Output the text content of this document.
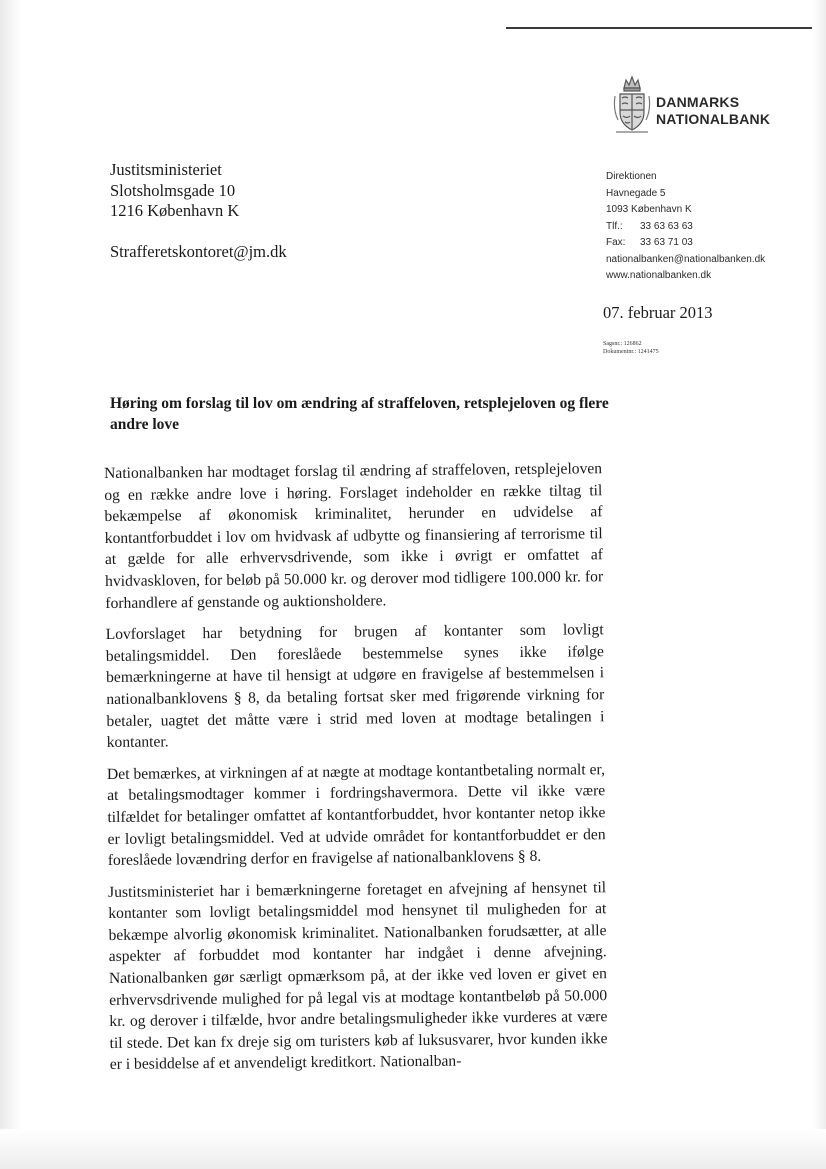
DANMARKS
NATIONALBANK
Justitsministeriet
Slotsholmsgade 10
1216 København K
Strafferetskontoret@jm.dk
Direktionen
Havnegade 5
1093 København K
Tlf.: 33 63 63 63
Fax: 33 63 71 03
nationalbanken@nationalbanken.dk
www.nationalbanken.dk
07. februar 2013
Sagsnr.: 126862
Dokumentnr.: 1241475
Høring om forslag til lov om ændring af straffeloven, retsplejeloven og flere andre love

Nationalbanken har modtaget forslag til ændring af straffeloven, retsplejeloven og en række andre love i høring. Forslaget indeholder en række tiltag til bekæmpelse af økonomisk kriminalitet, herunder en udvidelse af kontantforbuddet i lov om hvidvask af udbytte og finansiering af terrorisme til at gælde for alle erhvervsdrivende, som ikke i øvrigt er omfattet af hvidvaskloven, for beløb på 50.000 kr. og derover mod tidligere 100.000 kr. for forhandlere af genstande og auktionsholdere.

Lovforslaget har betydning for brugen af kontanter som lovligt betalingsmiddel. Den foreslåede bestemmelse synes ikke ifølge bemærkningerne at have til hensigt at udgøre en fravigelse af bestemmelsen i nationalbanklovens § 8, da betaling fortsat sker med frigørende virkning for betaler, uagtet det måtte være i strid med loven at modtage betalingen i kontanter.

Det bemærkes, at virkningen af at nægte at modtage kontantbetaling normalt er, at betalingsmodtager kommer i fordringshavermora. Dette vil ikke være tilfældet for betalinger omfattet af kontantforbuddet, hvor kontanter netop ikke er lovligt betalingsmiddel. Ved at udvide området for kontantforbuddet er den foreslåede lovændring derfor en fravigelse af nationalbanklovens § 8.

Justitsministeriet har i bemærkningerne foretaget en afvejning af hensynet til kontanter som lovligt betalingsmiddel mod hensynet til muligheden for at bekæmpe alvorlig økonomisk kriminalitet. Nationalbanken forudsætter, at alle aspekter af forbuddet mod kontanter har indgået i denne afvejning. Nationalbanken gør særligt opmærksom på, at der ikke ved loven er givet en erhvervsdrivende mulighed for på legal vis at modtage kontantbeløb på 50.000 kr. og derover i tilfælde, hvor andre betalingsmuligheder ikke vurderes at være til stede. Det kan fx dreje sig om turisters køb af luksusvarer, hvor kunden ikke er i besiddelse af et anvendeligt kreditkort. Nationalban-
